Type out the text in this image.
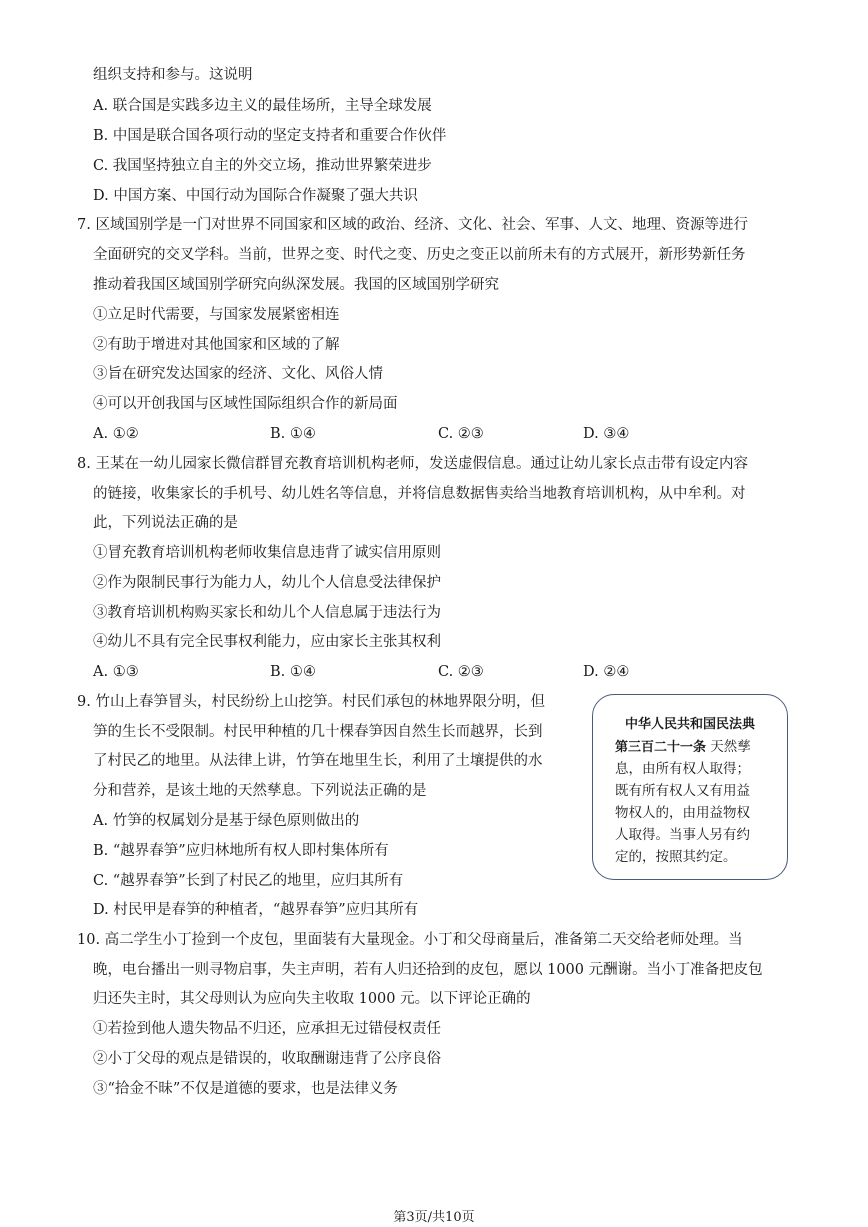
组织支持和参与。这说明
A. 联合国是实践多边主义的最佳场所，主导全球发展
B. 中国是联合国各项行动的坚定支持者和重要合作伙伴
C. 我国坚持独立自主的外交立场，推动世界繁荣进步
D. 中国方案、中国行动为国际合作凝聚了强大共识
7. 区域国别学是一门对世界不同国家和区域的政治、经济、文化、社会、军事、人文、地理、资源等进行
全面研究的交叉学科。当前，世界之变、时代之变、历史之变正以前所未有的方式展开，新形势新任务
推动着我国区域国别学研究向纵深发展。我国的区域国别学研究
①立足时代需要，与国家发展紧密相连
②有助于增进对其他国家和区域的了解
③旨在研究发达国家的经济、文化、风俗人情
④可以开创我国与区域性国际组织合作的新局面
A. ①②	B. ①④	C. ②③	D. ③④
8. 王某在一幼儿园家长微信群冒充教育培训机构老师，发送虚假信息。通过让幼儿家长点击带有设定内容
的链接，收集家长的手机号、幼儿姓名等信息，并将信息数据售卖给当地教育培训机构，从中牟利。对
此，下列说法正确的是
①冒充教育培训机构老师收集信息违背了诚实信用原则
②作为限制民事行为能力人，幼儿个人信息受法律保护
③教育培训机构购买家长和幼儿个人信息属于违法行为
④幼儿不具有完全民事权利能力，应由家长主张其权利
A. ①③	B. ①④	C. ②③	D. ②④
9. 竹山上春笋冒头，村民纷纷上山挖笋。村民们承包的林地界限分明，但
笋的生长不受限制。村民甲种植的几十棵春笋因自然生长而越界，长到
了村民乙的地里。从法律上讲，竹笋在地里生长，利用了土壤提供的水
分和营养，是该土地的天然孳息。下列说法正确的是
A. 竹笋的权属划分是基于绿色原则做出的
B. “越界春笋”应归林地所有权人即村集体所有
C. “越界春笋”长到了村民乙的地里，应归其所有
D. 村民甲是春笋的种植者，“越界春笋”应归其所有
10. 高二学生小丁捡到一个皮包，里面装有大量现金。小丁和父母商量后，准备第二天交给老师处理。当
晚，电台播出一则寻物启事，失主声明，若有人归还拾到的皮包，愿以 1000 元酬谢。当小丁准备把皮包
归还失主时，其父母则认为应向失主收取 1000 元。以下评论正确的
①若捡到他人遗失物品不归还，应承担无过错侵权责任
②小丁父母的观点是错误的，收取酬谢违背了公序良俗
③“拾金不昧”不仅是道德的要求，也是法律义务
中华人民共和国民法典
第三百二十一条 天然孳
息，由所有权人取得；
既有所有权人又有用益
物权人的，由用益物权
人取得。当事人另有约
定的，按照其约定。
第3页/共10页
